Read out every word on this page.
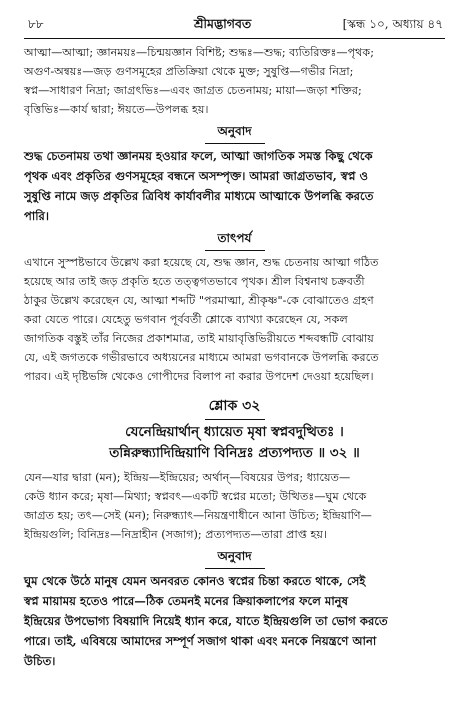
৮৮	শ্রীমদ্ভাগবত	[স্কন্ধ ১০, অধ্যায় ৪৭

আত্মা—আত্মা; জ্ঞানময়ঃ—চিন্ময়জ্ঞান বিশিষ্ট; শুদ্ধঃ—শুদ্ধ; ব্যতিরিক্তঃ—পৃথক;

অগুণ-অন্বয়ঃ—জড় গুণসমূহের প্রতিক্রিয়া থেকে মুক্ত; সুষুপ্তি—গভীর নিদ্রা;

স্বপ্ন—সাধারণ নিদ্রা; জাগ্রৎভিঃ—এবং জাগ্রত চেতনাময়; মায়া—জড়া শক্তির;

বৃত্তিভিঃ—কার্য দ্বারা; ঈয়তে—উপলব্ধ হয়।

অনুবাদ

শুদ্ধ চেতনাময় তথা জ্ঞানময় হওয়ার ফলে, আত্মা জাগতিক সমস্ত কিছু থেকে

পৃথক এবং প্রকৃতির গুণসমূহের বন্ধনে অসম্পৃক্ত। আমরা জাগ্রতভাব, স্বপ্ন ও

সুষুপ্তি নামে জড় প্রকৃতির ত্রিবিধ কার্যাবলীর মাধ্যমে আত্মাকে উপলব্ধি করতে

পারি।

তাৎপর্য

এখানে সুস্পষ্টভাবে উল্লেখ করা হয়েছে যে, শুদ্ধ জ্ঞান, শুদ্ধ চেতনায় আত্মা গঠিত

হয়েছে আর তাই জড় প্রকৃতি হতে তত্ত্বগতভাবে পৃথক। শ্রীল বিশ্বনাথ চক্রবর্তী

ঠাকুর উল্লেখ করেছেন যে, আত্মা শব্দটি "পরমাত্মা, শ্রীকৃষ্ণ"-কে বোঝাতেও গ্রহণ

করা যেতে পারে। যেহেতু ভগবান পূর্ববর্তী শ্লোকে ব্যাখ্যা করেছেন যে, সকল

জাগতিক বস্তুই তাঁর নিজের প্রকাশমাত্র, তাই মায়াবৃত্তিভিরীয়তে শব্দবন্ধটি বোঝায়

যে, এই জগতকে গভীরভাবে অধ্যয়নের মাধ্যমে আমরা ভগবানকে উপলব্ধি করতে

পারব। এই দৃষ্টিভঙ্গি থেকেও গোপীদের বিলাপ না করার উপদেশ দেওয়া হয়েছিল।

শ্লোক ৩২
যেনেন্দ্রিয়ার্থান্ ধ্যায়েত মৃষা স্বপ্নবদুত্থিতঃ ।
তন্নিরুন্ধ্যাদিন্দ্রিয়াণি বিনিদ্রঃ প্রত্যপদ্যত ॥ ৩২ ॥

যেন—যার দ্বারা (মন); ইন্দ্রিয়—ইন্দ্রিয়ের; অর্থান্—বিষয়ের উপর; ধ্যায়েত—

কেউ ধ্যান করে; মৃষা—মিথ্যা; স্বপ্নবৎ—একটি স্বপ্নের মতো; উত্থিতঃ—ঘুম থেকে

জাগ্রত হয়; তৎ—সেই (মন); নিরুন্ধ্যাৎ—নিয়ন্ত্রণাধীনে আনা উচিত; ইন্দ্রিয়াণি—

ইন্দ্রিয়গুলি; বিনিদ্রঃ—নিদ্রাহীন (সজাগ); প্রত্যপদ্যত—তারা প্রাপ্ত হয়।

অনুবাদ

ঘুম থেকে উঠে মানুষ যেমন অনবরত কোনও স্বপ্নের চিন্তা করতে থাকে, সেই

স্বপ্ন মায়াময় হতেও পারে—ঠিক তেমনই মনের ক্রিয়াকলাপের ফলে মানুষ

ইন্দ্রিয়ের উপভোগ্য বিষয়াদি নিয়েই ধ্যান করে, যাতে ইন্দ্রিয়গুলি তা ভোগ করতে

পারে। তাই, এবিষয়ে আমাদের সম্পূর্ণ সজাগ থাকা এবং মনকে নিয়ন্ত্রণে আনা

উচিত।
